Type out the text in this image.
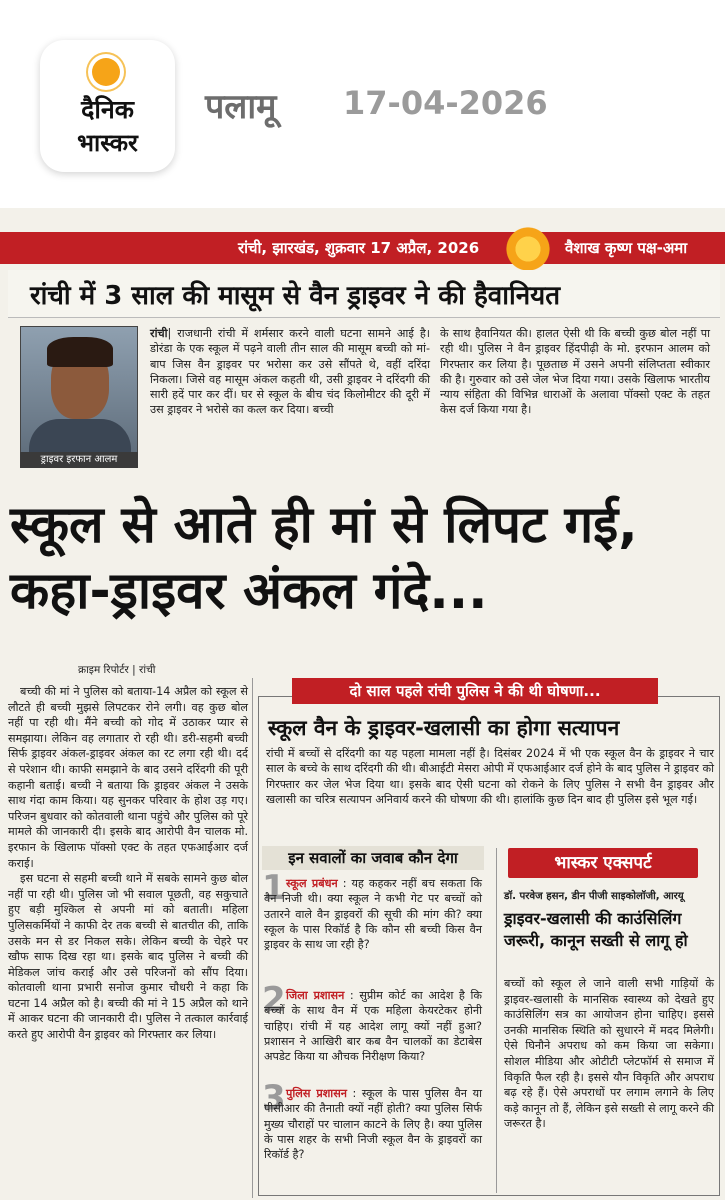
दैनिक
भास्कर
पलामू 17-04-2026
रांची, झारखंड, शुक्रवार 17 अप्रैल, 2026	वैशाख कृष्ण पक्ष-अमा
रांची में 3 साल की मासूम से वैन ड्राइवर ने की हैवानियत
ड्राइवर इरफान आलम
रांची| राजधानी रांची में शर्मसार करने वाली घटना सामने आई है। डोरंडा के एक स्कूल में पढ़ने वाली तीन साल की मासूम बच्ची को मां-बाप जिस वैन ड्राइवर पर भरोसा कर उसे सौंपते थे, वहीं दरिंदा निकला। जिसे वह मासूम अंकल कहती थी, उसी ड्राइवर ने दरिंदगी की सारी हदें पार कर दीं। घर से स्कूल के बीच चंद किलोमीटर की दूरी में उस ड्राइवर ने भरोसे का कत्ल कर दिया। बच्ची
के साथ हैवानियत की। हालत ऐसी थी कि बच्ची कुछ बोल नहीं पा रही थी। पुलिस ने वैन ड्राइवर हिंदपीढ़ी के मो. इरफान आलम को गिरफ्तार कर लिया है। पूछताछ में उसने अपनी संलिप्तता स्वीकार की है। गुरुवार को उसे जेल भेज दिया गया। उसके खिलाफ भारतीय न्याय संहिता की विभिन्न धाराओं के अलावा पॉक्सो एक्ट के तहत केस दर्ज किया गया है।
स्कूल से आते ही मां से लिपट गई, कहा-ड्राइवर अंकल गंदे...
क्राइम रिपोर्टर | रांची

बच्ची की मां ने पुलिस को बताया-14 अप्रैल को स्कूल से लौटते ही बच्ची मुझसे लिपटकर रोने लगी। वह कुछ बोल नहीं पा रही थी। मैंने बच्ची को गोद में उठाकर प्यार से समझाया। लेकिन वह लगातार रो रही थी। डरी-सहमी बच्ची सिर्फ ड्राइवर अंकल-ड्राइवर अंकल का रट लगा रही थी। दर्द से परेशान थी। काफी समझाने के बाद उसने दरिंदगी की पूरी कहानी बताई। बच्ची ने बताया कि ड्राइवर अंकल ने उसके साथ गंदा काम किया। यह सुनकर परिवार के होश उड़ गए। परिजन बुधवार को कोतवाली थाना पहुंचे और पुलिस को पूरे मामले की जानकारी दी। इसके बाद आरोपी वैन चालक मो. इरफान के खिलाफ पॉक्सो एक्ट के तहत एफआईआर दर्ज कराई।

इस घटना से सहमी बच्ची थाने में सबके सामने कुछ बोल नहीं पा रही थी। पुलिस जो भी सवाल पूछती, वह सकुचाते हुए बड़ी मुश्किल से अपनी मां को बताती। महिला पुलिसकर्मियों ने काफी देर तक बच्ची से बातचीत की, ताकि उसके मन से डर निकल सके। लेकिन बच्ची के चेहरे पर खौफ साफ दिख रहा था। इसके बाद पुलिस ने बच्ची की मेडिकल जांच कराई और उसे परिजनों को सौंप दिया। कोतवाली थाना प्रभारी सनोज कुमार चौधरी ने कहा कि घटना 14 अप्रैल को है। बच्ची की मां ने 15 अप्रैल को थाने में आकर घटना की जानकारी दी। पुलिस ने तत्काल कार्रवाई करते हुए आरोपी वैन ड्राइवर को गिरफ्तार कर लिया।

दो साल पहले रांची पुलिस ने की थी घोषणा...
स्कूल वैन के ड्राइवर-खलासी का होगा सत्यापन
रांची में बच्चों से दरिंदगी का यह पहला मामला नहीं है। दिसंबर 2024 में भी एक स्कूल वैन के ड्राइवर ने चार साल के बच्चे के साथ दरिंदगी की थी। बीआईटी मेसरा ओपी में एफआईआर दर्ज होने के बाद पुलिस ने ड्राइवर को गिरफ्तार कर जेल भेज दिया था। इसके बाद ऐसी घटना को रोकने के लिए पुलिस ने सभी वैन ड्राइवर और खलासी का चरित्र सत्यापन अनिवार्य करने की घोषणा की थी। हालांकि कुछ दिन बाद ही पुलिस इसे भूल गई।
इन सवालों का जवाब कौन देगा
1 स्कूल प्रबंधन : यह कहकर नहीं बच सकता कि वैन निजी थी। क्या स्कूल ने कभी गेट पर बच्चों को उतारने वाले वैन ड्राइवरों की सूची की मांग की? क्या स्कूल के पास रिकॉर्ड है कि कौन सी बच्ची किस वैन ड्राइवर के साथ जा रही है?
2 जिला प्रशासन : सुप्रीम कोर्ट का आदेश है कि बच्चों के साथ वैन में एक महिला केयरटेकर होनी चाहिए। रांची में यह आदेश लागू क्यों नहीं हुआ? प्रशासन ने आखिरी बार कब वैन चालकों का डेटाबेस अपडेट किया या औचक निरीक्षण किया?
3 पुलिस प्रशासन : स्कूल के पास पुलिस वैन या पीसीआर की तैनाती क्यों नहीं होती? क्या पुलिस सिर्फ मुख्य चौराहों पर चालान काटने के लिए है। क्या पुलिस के पास शहर के सभी निजी स्कूल वैन के ड्राइवरों का रिकॉर्ड है?
भास्कर एक्सपर्ट
डॉ. परवेज हसन, डीन पीजी साइकोलॉजी, आरयू
ड्राइवर-खलासी की काउंसिलिंग जरूरी, कानून सख्ती से लागू हो
बच्चों को स्कूल ले जाने वाली सभी गाड़ियों के ड्राइवर-खलासी के मानसिक स्वास्थ्य को देखते हुए काउंसिलिंग सत्र का आयोजन होना चाहिए। इससे उनकी मानसिक स्थिति को सुधारने में मदद मिलेगी। ऐसे घिनौने अपराध को कम किया जा सकेगा। सोशल मीडिया और ओटीटी प्लेटफॉर्म से समाज में विकृति फैल रही है। इससे यौन विकृति और अपराध बढ़ रहे हैं। ऐसे अपराधों पर लगाम लगाने के लिए कड़े कानून तो हैं, लेकिन इसे सख्ती से लागू करने की जरूरत है।
